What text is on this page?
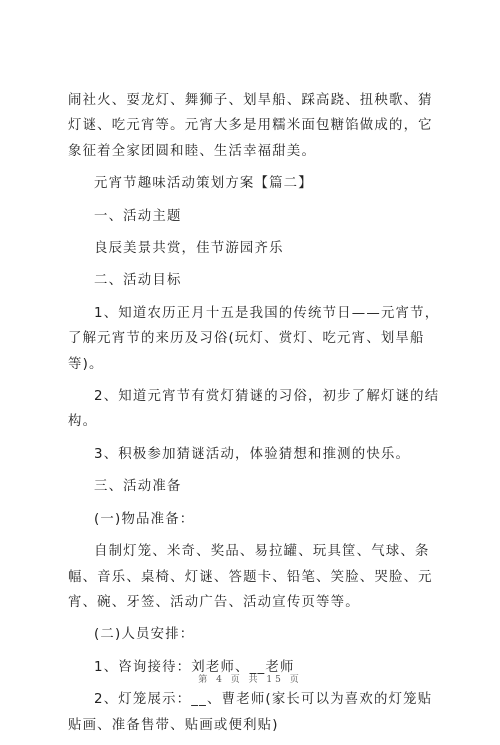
闹社火、耍龙灯、舞狮子、划旱船、踩高跷、扭秧歌、猜灯谜、吃元宵等。元宵大多是用糯米面包糖馅做成的，它象征着全家团圆和睦、生活幸福甜美。

元宵节趣味活动策划方案【篇二】

一、活动主题

良辰美景共赏，佳节游园齐乐

二、活动目标

1、知道农历正月十五是我国的传统节日——元宵节，了解元宵节的来历及习俗(玩灯、赏灯、吃元宵、划旱船等)。

2、知道元宵节有赏灯猜谜的习俗，初步了解灯谜的结构。

3、积极参加猜谜活动，体验猜想和推测的快乐。

三、活动准备

(一)物品准备：

自制灯笼、米奇、奖品、易拉罐、玩具筐、气球、条幅、音乐、桌椅、灯谜、答题卡、铅笔、笑脸、哭脸、元宵、碗、牙签、活动广告、活动宣传页等等。

(二)人员安排：

1、咨询接待：刘老师、__老师

2、灯笼展示：__、曹老师(家长可以为喜欢的灯笼贴贴画、准备售带、贴画或便利贴)

第 4 页 共 15 页
